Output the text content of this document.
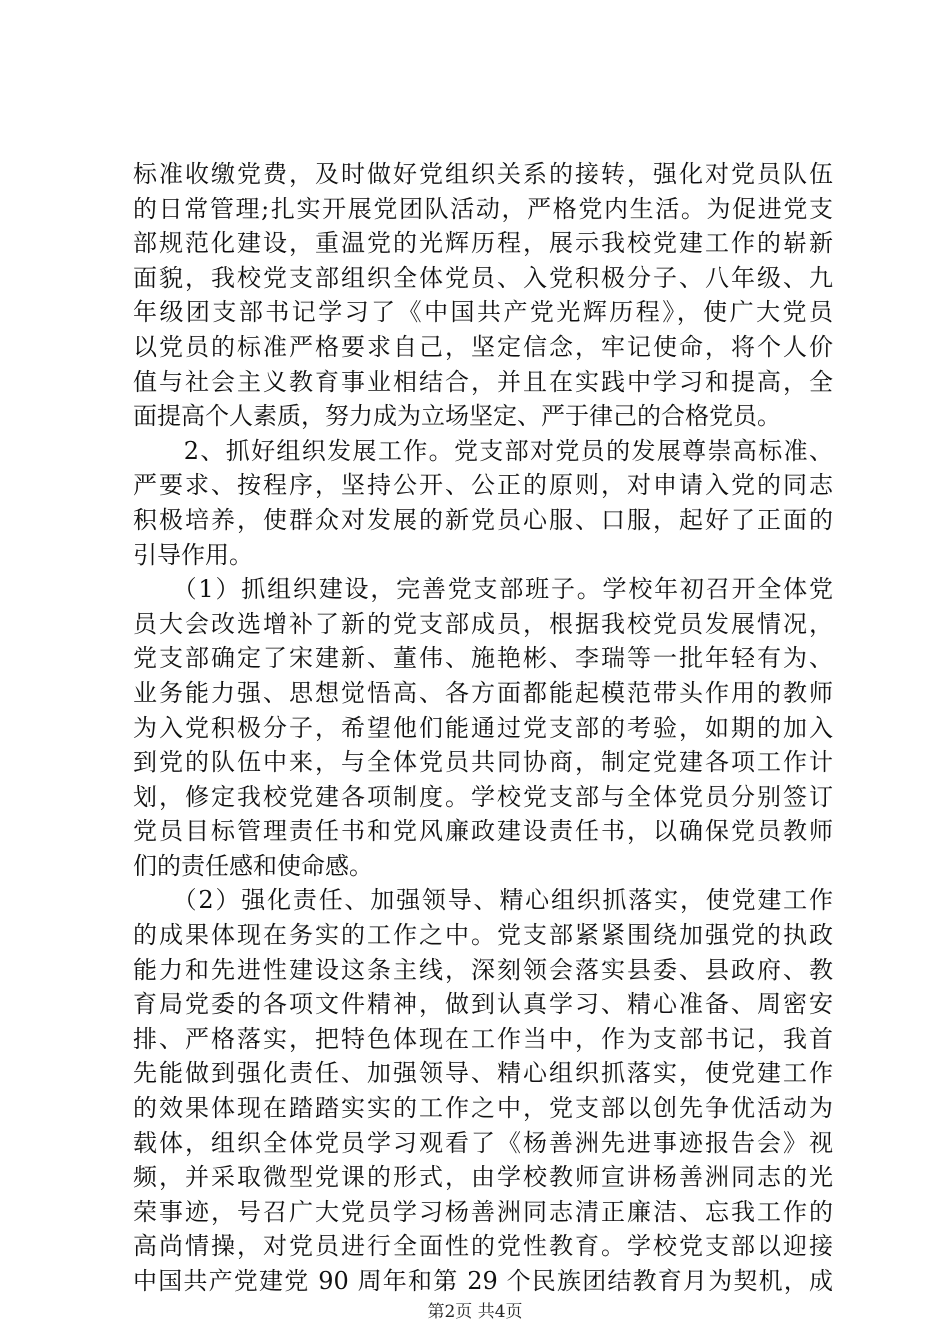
标准收缴党费，及时做好党组织关系的接转，强化对党员队伍
的日常管理;扎实开展党团队活动，严格党内生活。为促进党支
部规范化建设，重温党的光辉历程，展示我校党建工作的崭新
面貌，我校党支部组织全体党员、入党积极分子、八年级、九
年级团支部书记学习了《中国共产党光辉历程》，使广大党员
以党员的标准严格要求自己，坚定信念，牢记使命，将个人价
值与社会主义教育事业相结合，并且在实践中学习和提高，全
面提高个人素质，努力成为立场坚定、严于律己的合格党员。
　　2、抓好组织发展工作。党支部对党员的发展尊崇高标准、
严要求、按程序，坚持公开、公正的原则，对申请入党的同志
积极培养，使群众对发展的新党员心服、口服，起好了正面的
引导作用。
　　（1）抓组织建设，完善党支部班子。学校年初召开全体党
员大会改选增补了新的党支部成员，根据我校党员发展情况，
党支部确定了宋建新、董伟、施艳彬、李瑞等一批年轻有为、
业务能力强、思想觉悟高、各方面都能起模范带头作用的教师
为入党积极分子，希望他们能通过党支部的考验，如期的加入
到党的队伍中来，与全体党员共同协商，制定党建各项工作计
划，修定我校党建各项制度。学校党支部与全体党员分别签订
党员目标管理责任书和党风廉政建设责任书，以确保党员教师
们的责任感和使命感。
　　（2）强化责任、加强领导、精心组织抓落实，使党建工作
的成果体现在务实的工作之中。党支部紧紧围绕加强党的执政
能力和先进性建设这条主线，深刻领会落实县委、县政府、教
育局党委的各项文件精神，做到认真学习、精心准备、周密安
排、严格落实，把特色体现在工作当中，作为支部书记，我首
先能做到强化责任、加强领导、精心组织抓落实，使党建工作
的效果体现在踏踏实实的工作之中，党支部以创先争优活动为
载体，组织全体党员学习观看了《杨善洲先进事迹报告会》视
频，并采取微型党课的形式，由学校教师宣讲杨善洲同志的光
荣事迹，号召广大党员学习杨善洲同志清正廉洁、忘我工作的
高尚情操，对党员进行全面性的党性教育。学校党支部以迎接
中国共产党建党 90 周年和第 29 个民族团结教育月为契机，成
第2页 共4页
